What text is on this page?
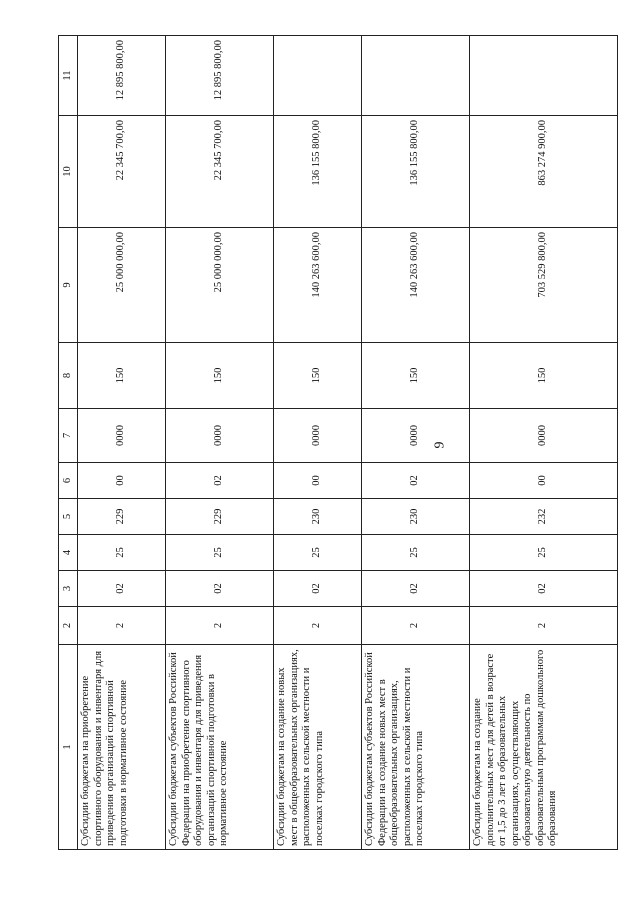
9
1	2	3	4	5	6	7	8	9	10	11
Субсидии бюджетам на приобретение спортивного оборудования и инвентаря для приведения организаций спортивной подготовки в нормативное состояние	2	02	25	229	00	0000	150	25 000 000,00	22 345 700,00	12 895 800,00
Субсидии бюджетам субъектов Российской Федерации на приобретение спортивного оборудования и инвентаря для приведения организаций спортивной подготовки в нормативное состояние	2	02	25	229	02	0000	150	25 000 000,00	22 345 700,00	12 895 800,00
Субсидии бюджетам на создание новых мест в общеобразовательных организациях, расположенных в сельской местности и поселках городского типа	2	02	25	230	00	0000	150	140 263 600,00	136 155 800,00	
Субсидии бюджетам субъектов Российской Федерации на создание новых мест в общеобразовательных организациях, расположенных в сельской местности и поселках городского типа	2	02	25	230	02	0000	150	140 263 600,00	136 155 800,00	
Субсидии бюджетам на создание дополнительных мест для детей в возрасте от 1,5 до 3 лет в образовательных организациях, осуществляющих образовательную деятельность по образовательным программам дошкольного образования	2	02	25	232	00	0000	150	703 529 800,00	863 274 900,00	
